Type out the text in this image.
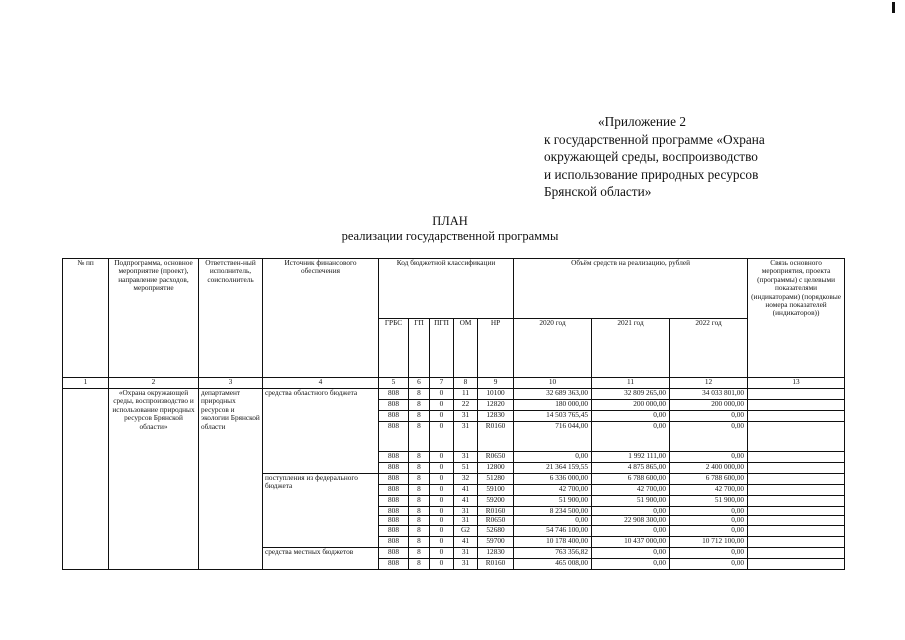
«Приложение 2
к государственной программе «Охрана
окружающей среды, воспроизводство
и использование природных ресурсов
Брянской области»
ПЛАН
реализации государственной программы
№ пп	Подпрограмма, основное мероприятие (проект), направление расходов, мероприятие	Ответствен-ный исполнитель, соисполнитель	Источник финансового обеспечения	Код бюджетной классификации					Объём средств на реализацию, рублей			Связь основного мероприятия, проекта (программы) с целевыми показателями (индикаторами) (порядковые номера показателей (индикаторов))
				ГРБС	ГП	ПГП	ОМ	НР	2020 год	2021 год	2022 год	
1	2	3	4	5	6	7	8	9	10	11	12	13
	«Охрана окружающей среды, воспроизводство и использование природных ресурсов Брянской области»	департамент природных ресурсов и экологии Брянской области	средства областного бюджета	808	8	0	11	10100	32 689 363,00	32 809 265,00	34 033 801,00	
				808	8	0	22	12820	180 000,00	200 000,00	200 000,00	
				808	8	0	31	12830	14 503 765,45	0,00	0,00	
				808	8	0	31	R0160	716 044,00	0,00	0,00	
				808	8	0	31	R0650	0,00	1 992 111,00	0,00	
				808	8	0	51	12800	21 364 159,55	4 875 865,00	2 400 000,00	
			поступления из федерального бюджета	808	8	0	32	51280	6 336 000,00	6 788 600,00	6 788 600,00	
				808	8	0	41	59100	42 700,00	42 700,00	42 700,00	
				808	8	0	41	59200	51 900,00	51 900,00	51 900,00	
				808	8	0	31	R0160	8 234 500,00	0,00	0,00	
				808	8	0	31	R0650	0,00	22 908 300,00	0,00	
				808	8	0	G2	52680	54 746 100,00	0,00	0,00	
				808	8	0	41	59700	10 178 400,00	10 437 000,00	10 712 100,00	
			средства местных бюджетов	808	8	0	31	12830	763 356,82	0,00	0,00	
				808	8	0	31	R0160	465 008,00	0,00	0,00	
